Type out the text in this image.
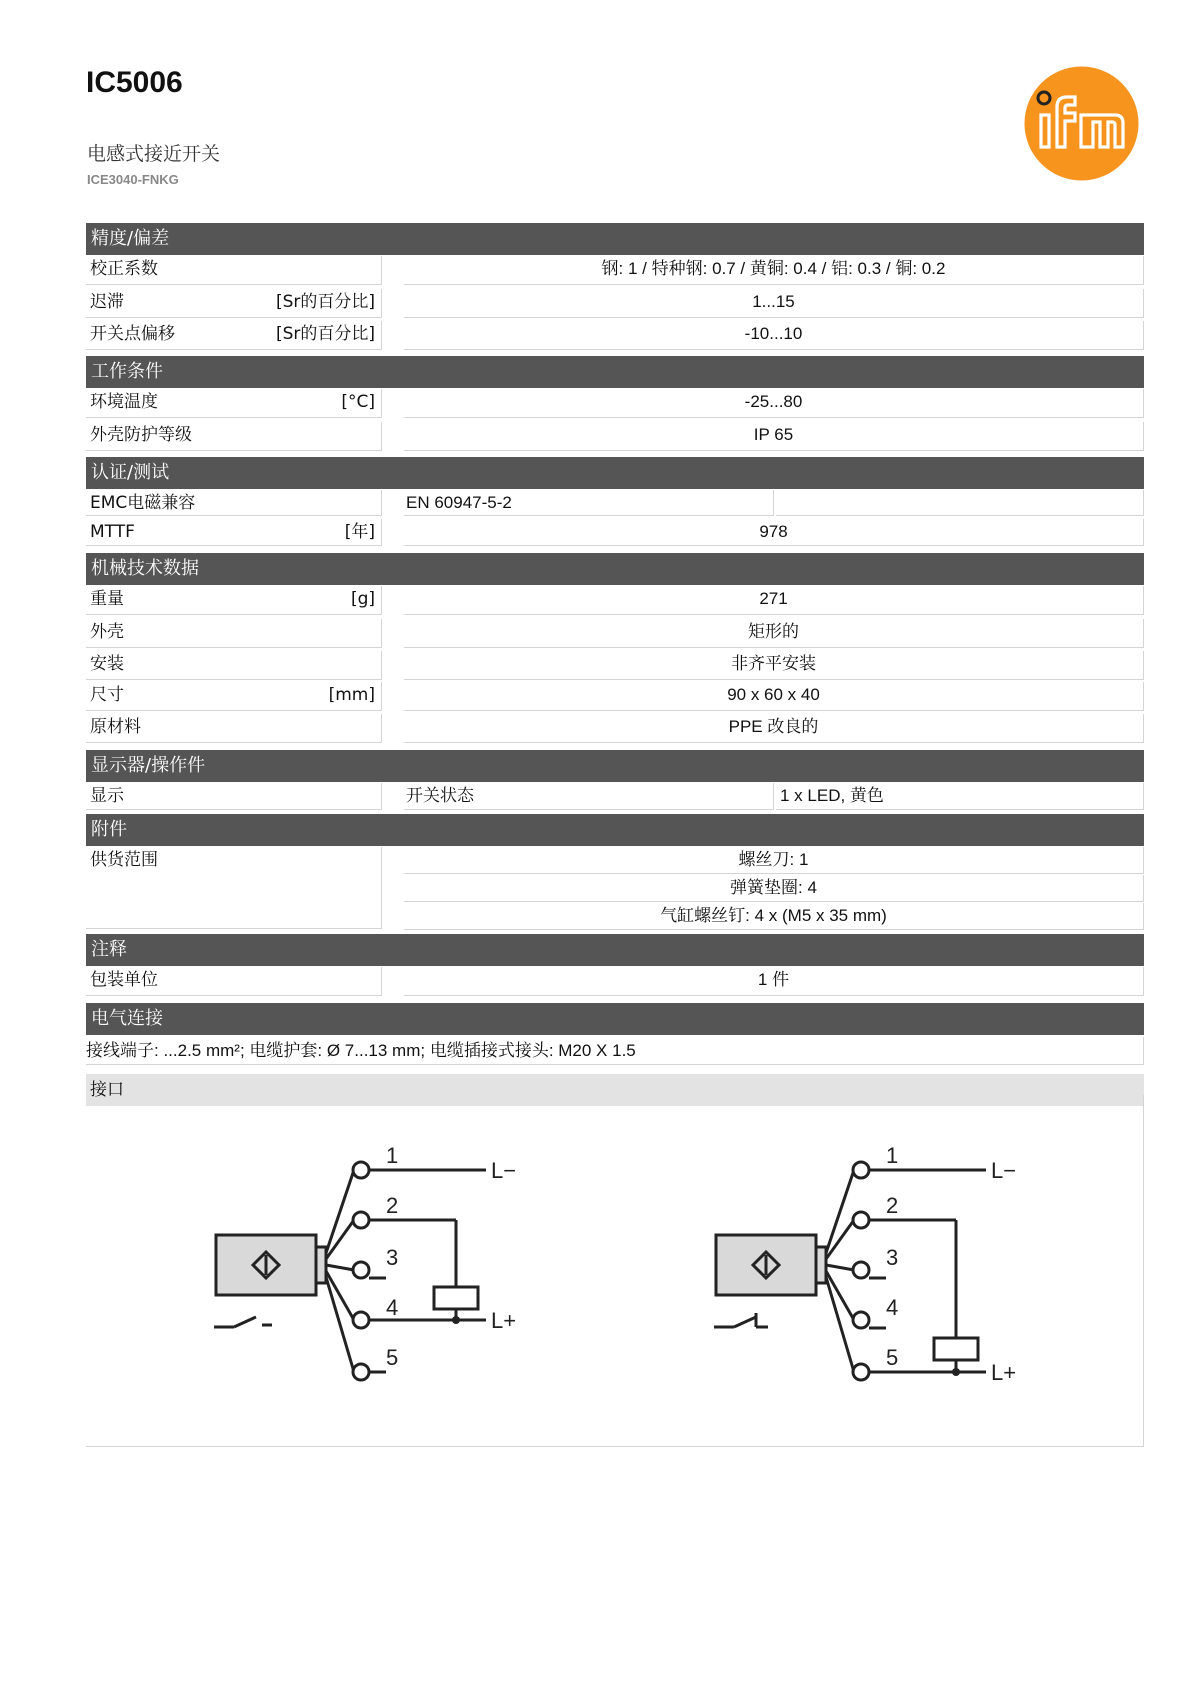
IC5006
电感式接近开关
ICE3040-FNKG
精度/偏差
校正系数	钢: 1 / 特种钢: 0.7 / 黄铜: 0.4 / 铝: 0.3 / 铜: 0.2
迟滞	[Sr的百分比]	1...15
开关点偏移	[Sr的百分比]	-10...10
工作条件
环境温度	[°C]	-25...80
外壳防护等级	IP 65
认证/测试
EMC电磁兼容	EN 60947-5-2
MTTF	[年]	978
机械技术数据
重量	[g]	271
外壳	矩形的
安装	非齐平安装
尺寸	[mm]	90 x 60 x 40
原材料	PPE 改良的
显示器/操作件
显示	开关状态	1 x LED, 黄色
附件
供货范围	螺丝刀: 1
弹簧垫圈: 4
气缸螺丝钉: 4 x (M5 x 35 mm)
注释
包装单位	1 件
电气连接
接线端子: ...2.5 mm²; 电缆护套: Ø 7...13 mm; 电缆插接式接头: M20 X 1.5
接口
1
2
3
4
5
L−
L+
1
2
3
4
5
L−
L+
